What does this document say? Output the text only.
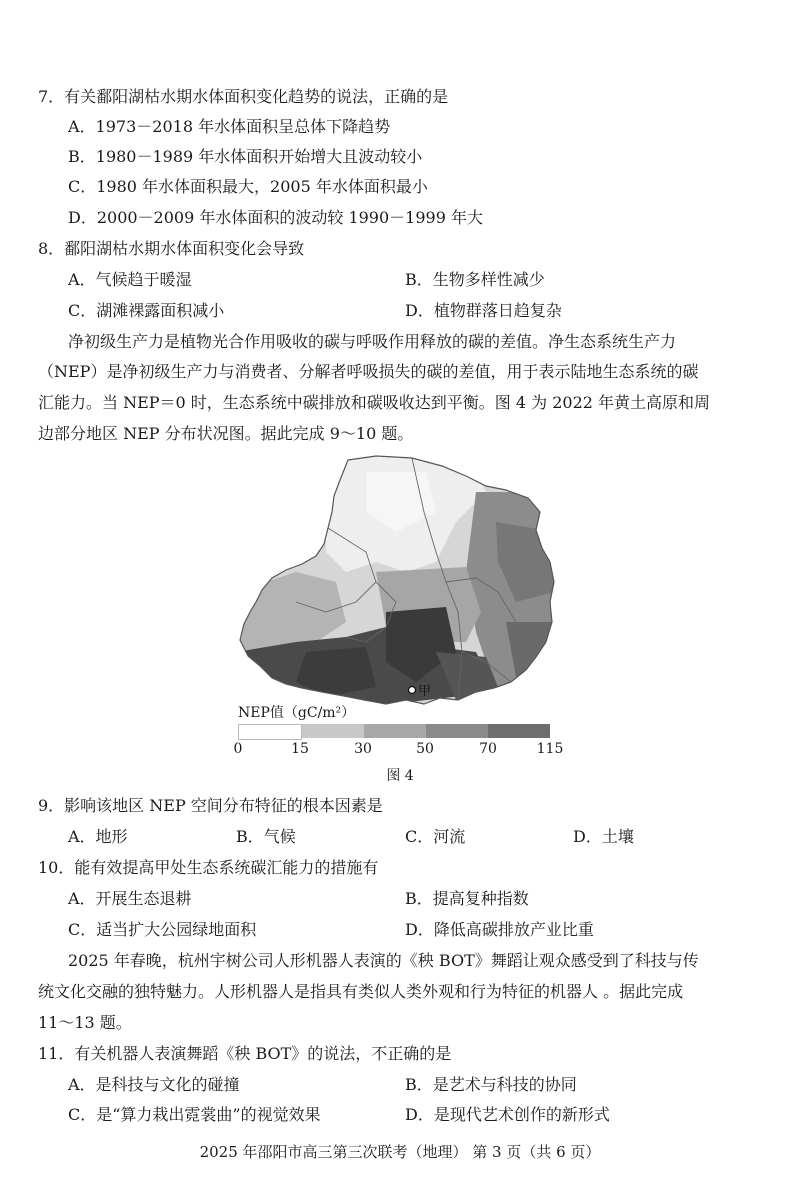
7．有关鄱阳湖枯水期水体面积变化趋势的说法，正确的是
A．1973－2018 年水体面积呈总体下降趋势
B．1980－1989 年水体面积开始增大且波动较小
C．1980 年水体面积最大，2005 年水体面积最小
D．2000－2009 年水体面积的波动较 1990－1999 年大
8．鄱阳湖枯水期水体面积变化会导致
A．气候趋于暖湿	B．生物多样性减少
C．湖滩裸露面积减小	D．植物群落日趋复杂
净初级生产力是植物光合作用吸收的碳与呼吸作用释放的碳的差值。净生态系统生产力
（NEP）是净初级生产力与消费者、分解者呼吸损失的碳的差值，用于表示陆地生态系统的碳
汇能力。当 NEP＝0 时，生态系统中碳排放和碳吸收达到平衡。图 4 为 2022 年黄土高原和周
边部分地区 NEP 分布状况图。据此完成 9～10 题。
甲
NEP值（gC/m²）
0	15	30	50	70	115
图 4
9．影响该地区 NEP 空间分布特征的根本因素是
A．地形	B．气候	C．河流	D．土壤
10．能有效提高甲处生态系统碳汇能力的措施有
A．开展生态退耕	B．提高复种指数
C．适当扩大公园绿地面积	D．降低高碳排放产业比重
2025 年春晚，杭州宇树公司人形机器人表演的《秧 BOT》舞蹈让观众感受到了科技与传
统文化交融的独特魅力。人形机器人是指具有类似人类外观和行为特征的机器人 。据此完成
11～13 题。
11．有关机器人表演舞蹈《秧 BOT》的说法，不正确的是
A．是科技与文化的碰撞	B．是艺术与科技的协同
C．是“算力栽出霓裳曲”的视觉效果	D．是现代艺术创作的新形式
2025 年邵阳市高三第三次联考（地理） 第 3 页（共 6 页）
